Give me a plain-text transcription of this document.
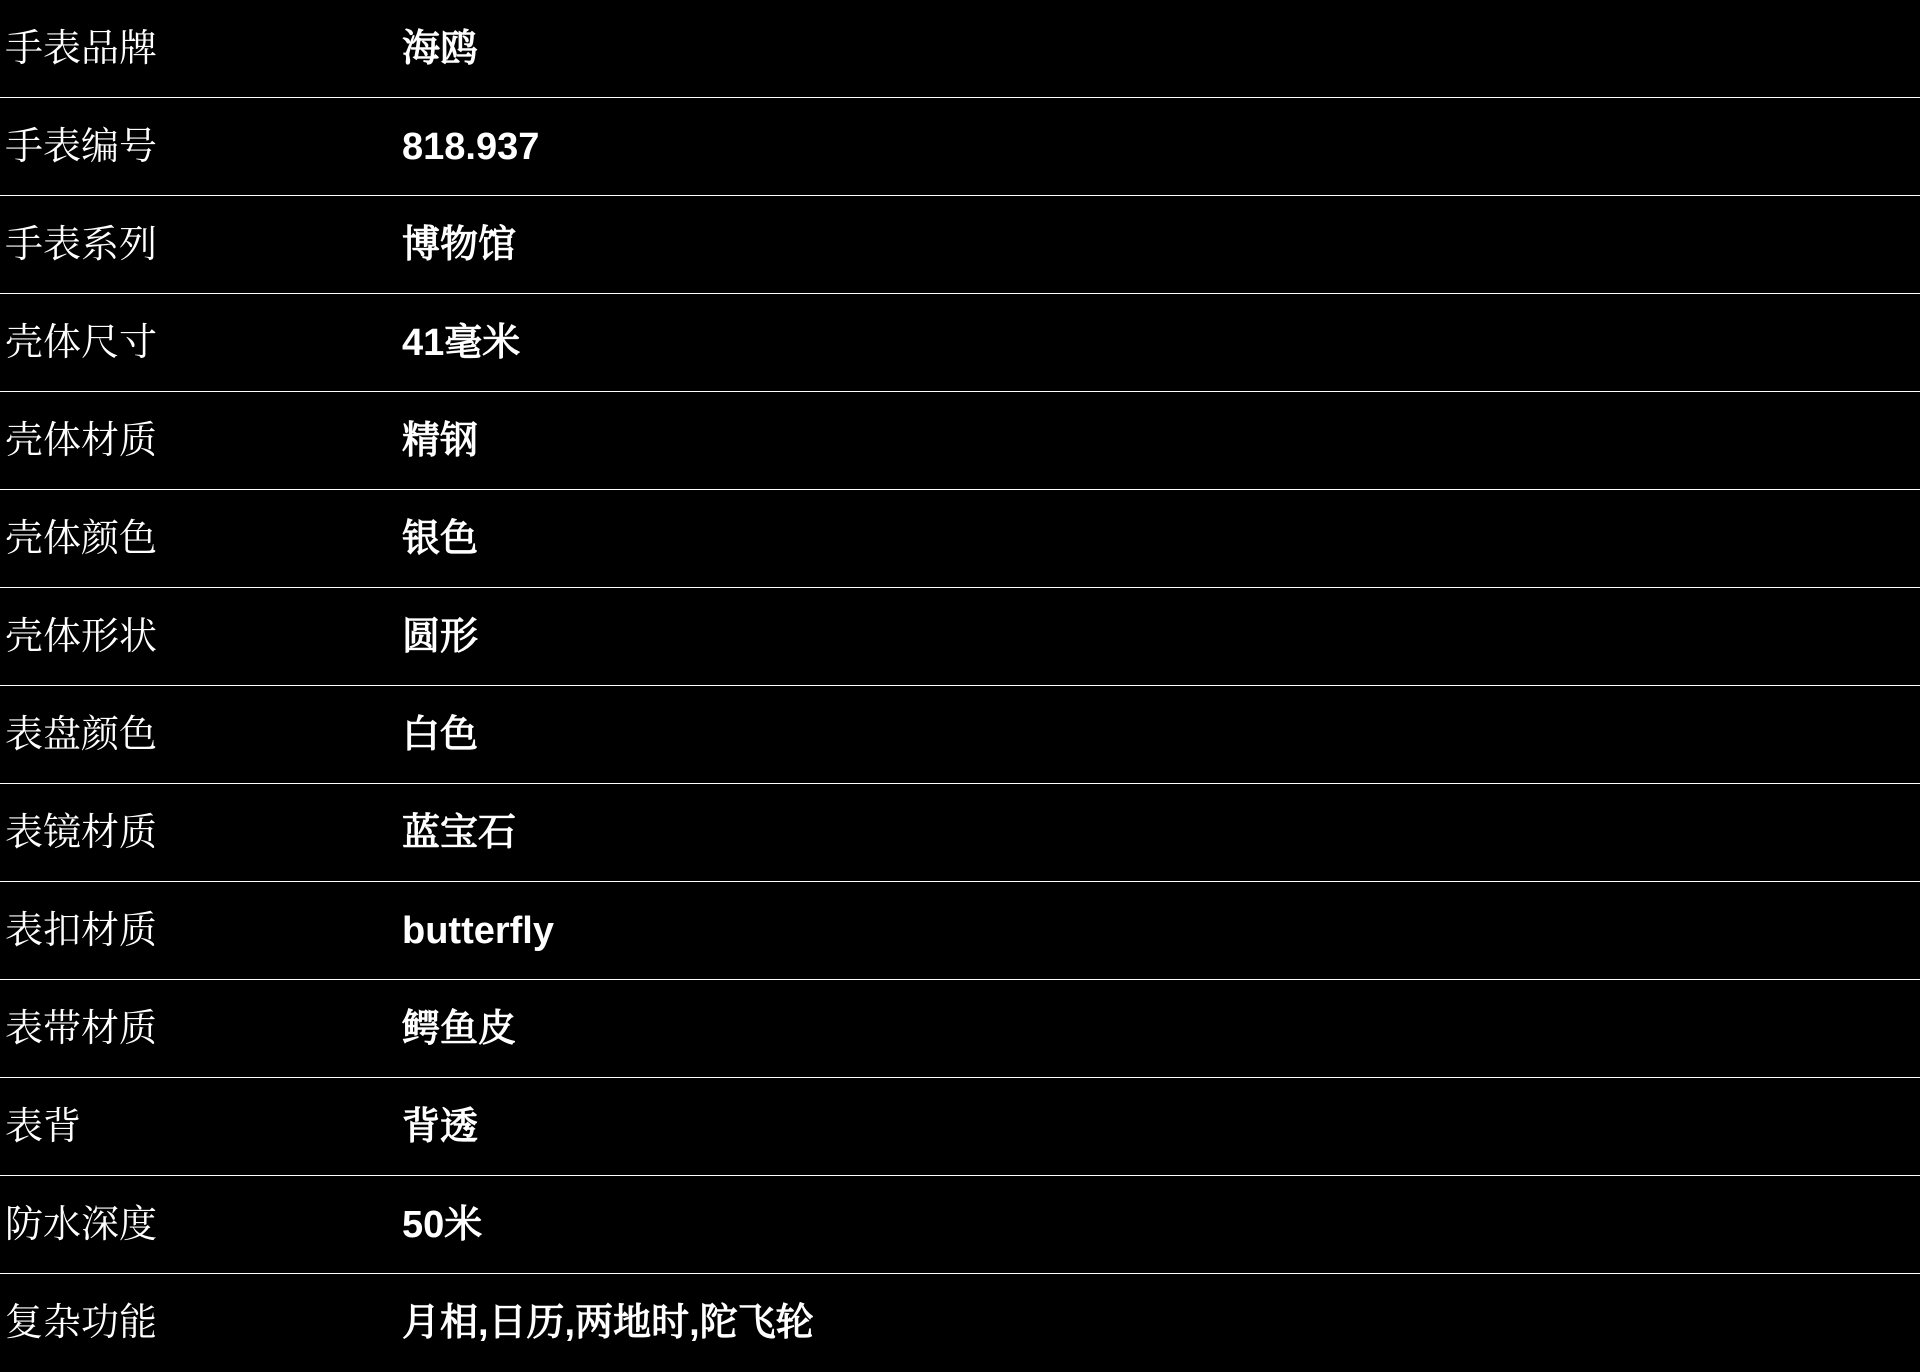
手表品牌	海鸥
手表编号	818.937
手表系列	博物馆
壳体尺寸	41毫米
壳体材质	精钢
壳体颜色	银色
壳体形状	圆形
表盘颜色	白色
表镜材质	蓝宝石
表扣材质	butterfly
表带材质	鳄鱼皮
表背	背透
防水深度	50米
复杂功能	月相,日历,两地时,陀飞轮
